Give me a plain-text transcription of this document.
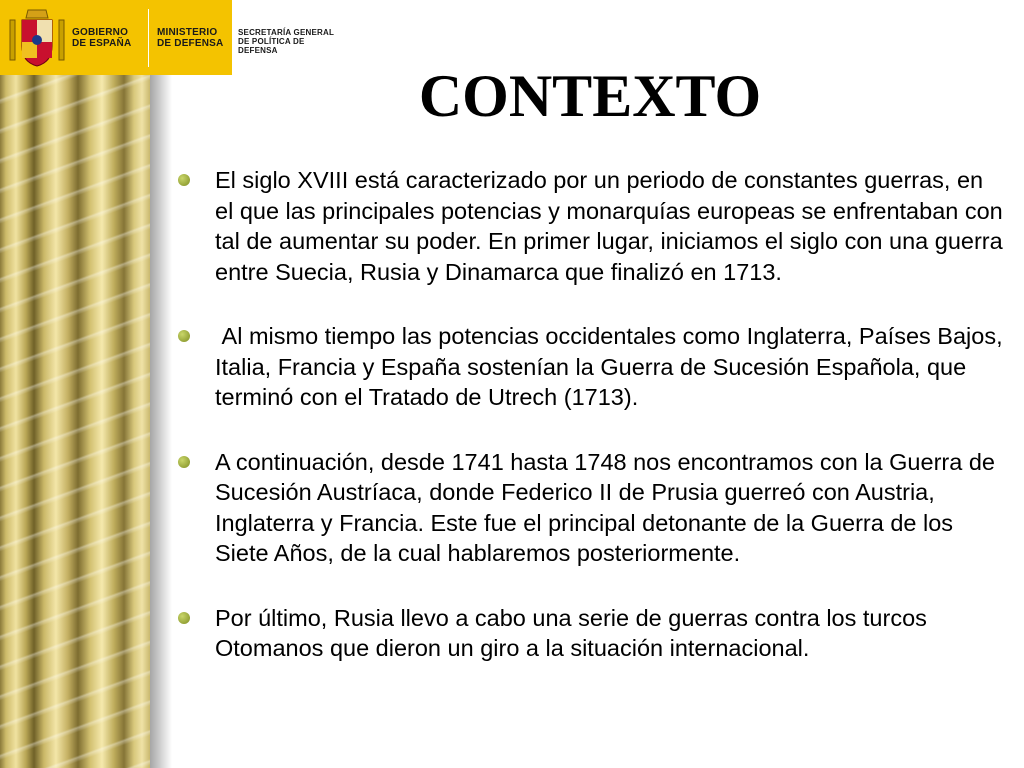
GOBIERNO DE ESPAÑA
MINISTERIO DE DEFENSA
SECRETARÍA GENERAL DE POLÍTICA DE DEFENSA
CONTEXTO
El siglo XVIII está caracterizado por un periodo de constantes guerras, en el que las principales potencias y monarquías europeas se enfrentaban con tal de aumentar su poder. En primer lugar, iniciamos el siglo con una guerra entre Suecia, Rusia y Dinamarca que finalizó en 1713.
Al mismo tiempo las potencias occidentales como Inglaterra, Países Bajos, Italia, Francia y España sostenían la Guerra de Sucesión Española, que terminó con el Tratado de Utrech (1713).
A continuación, desde 1741 hasta 1748 nos encontramos con la Guerra de Sucesión Austríaca, donde Federico II de Prusia guerreó con Austria, Inglaterra y Francia. Este fue el principal detonante de la Guerra de los Siete Años, de la cual hablaremos posteriormente.
Por último, Rusia llevo a cabo una serie de guerras contra los turcos Otomanos que dieron un giro a la situación internacional.
